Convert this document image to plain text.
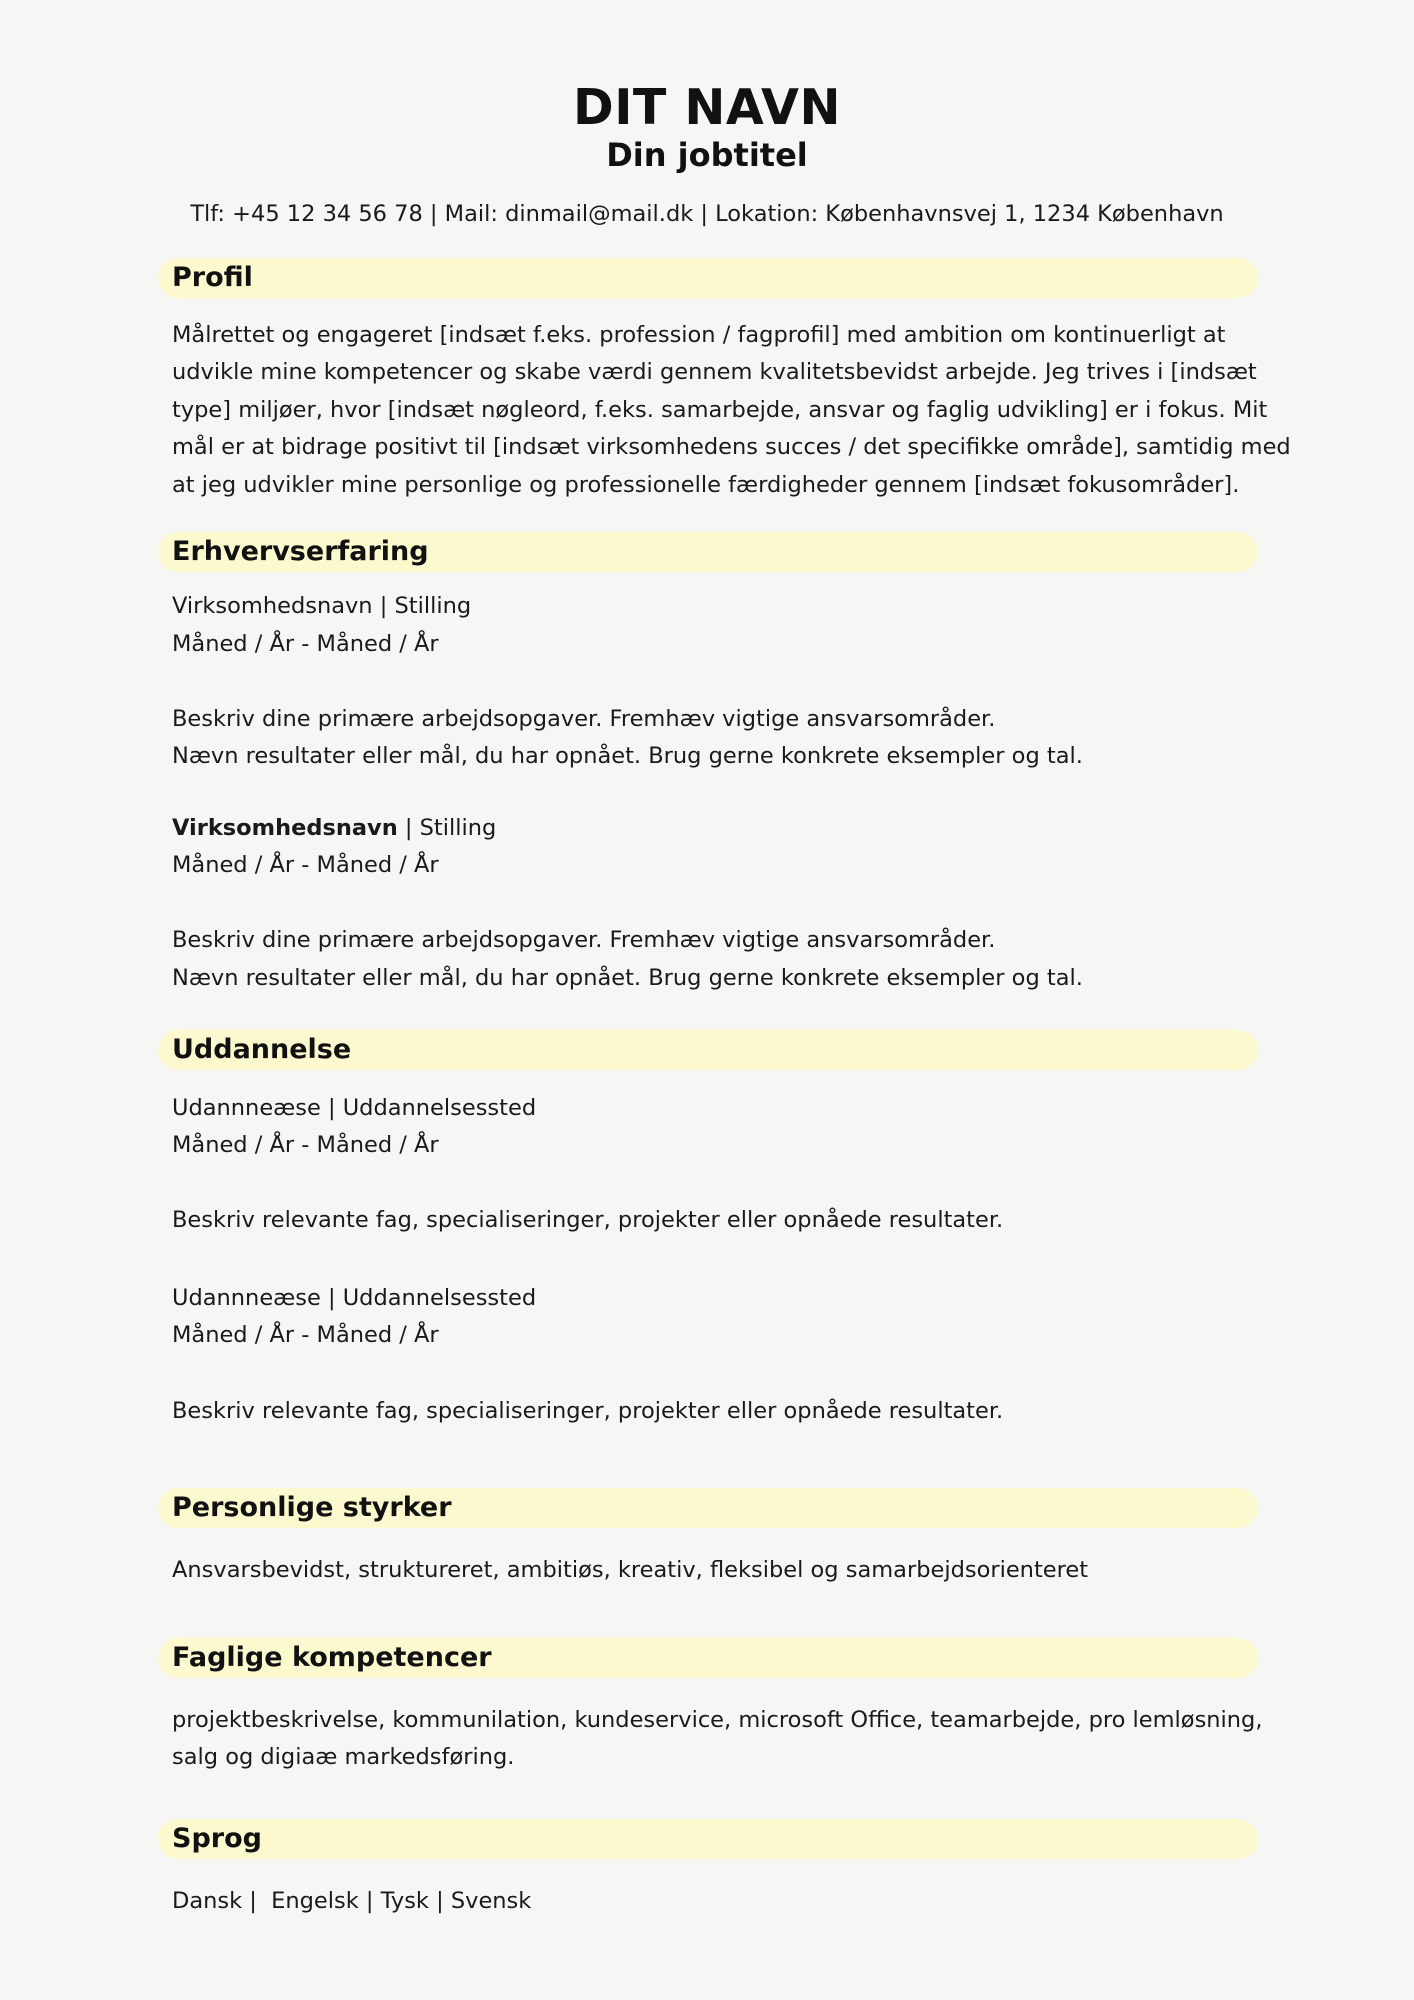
DIT NAVN
Din jobtitel
Tlf: +45 12 34 56 78 | Mail: dinmail@mail.dk | Lokation: Københavnsvej 1, 1234 København
Profil
Målrettet og engageret [indsæt f.eks. profession / fagprofil] med ambition om kontinuerligt at
udvikle mine kompetencer og skabe værdi gennem kvalitetsbevidst arbejde. Jeg trives i [indsæt
type] miljøer, hvor [indsæt nøgleord, f.eks. samarbejde, ansvar og faglig udvikling] er i fokus. Mit
mål er at bidrage positivt til [indsæt virksomhedens succes / det specifikke område], samtidig med
at jeg udvikler mine personlige og professionelle færdigheder gennem [indsæt fokusområder].
Erhvervserfaring
Virksomhedsnavn | Stilling
Måned / År - Måned / År
Beskriv dine primære arbejdsopgaver. Fremhæv vigtige ansvarsområder.
Nævn resultater eller mål, du har opnået. Brug gerne konkrete eksempler og tal.
Virksomhedsnavn | Stilling
Måned / År - Måned / År
Beskriv dine primære arbejdsopgaver. Fremhæv vigtige ansvarsområder.
Nævn resultater eller mål, du har opnået. Brug gerne konkrete eksempler og tal.
Uddannelse
Udannneæse | Uddannelsessted
Måned / År - Måned / År
Beskriv relevante fag, specialiseringer, projekter eller opnåede resultater.
Udannneæse | Uddannelsessted
Måned / År - Måned / År
Beskriv relevante fag, specialiseringer, projekter eller opnåede resultater.
Personlige styrker
Ansvarsbevidst, struktureret, ambitiøs, kreativ, fleksibel og samarbejdsorienteret
Faglige kompetencer
projektbeskrivelse, kommunilation, kundeservice, microsoft Office, teamarbejde, pro lemløsning,
salg og digiaæ markedsføring.
Sprog
Dansk |  Engelsk | Tysk | Svensk
